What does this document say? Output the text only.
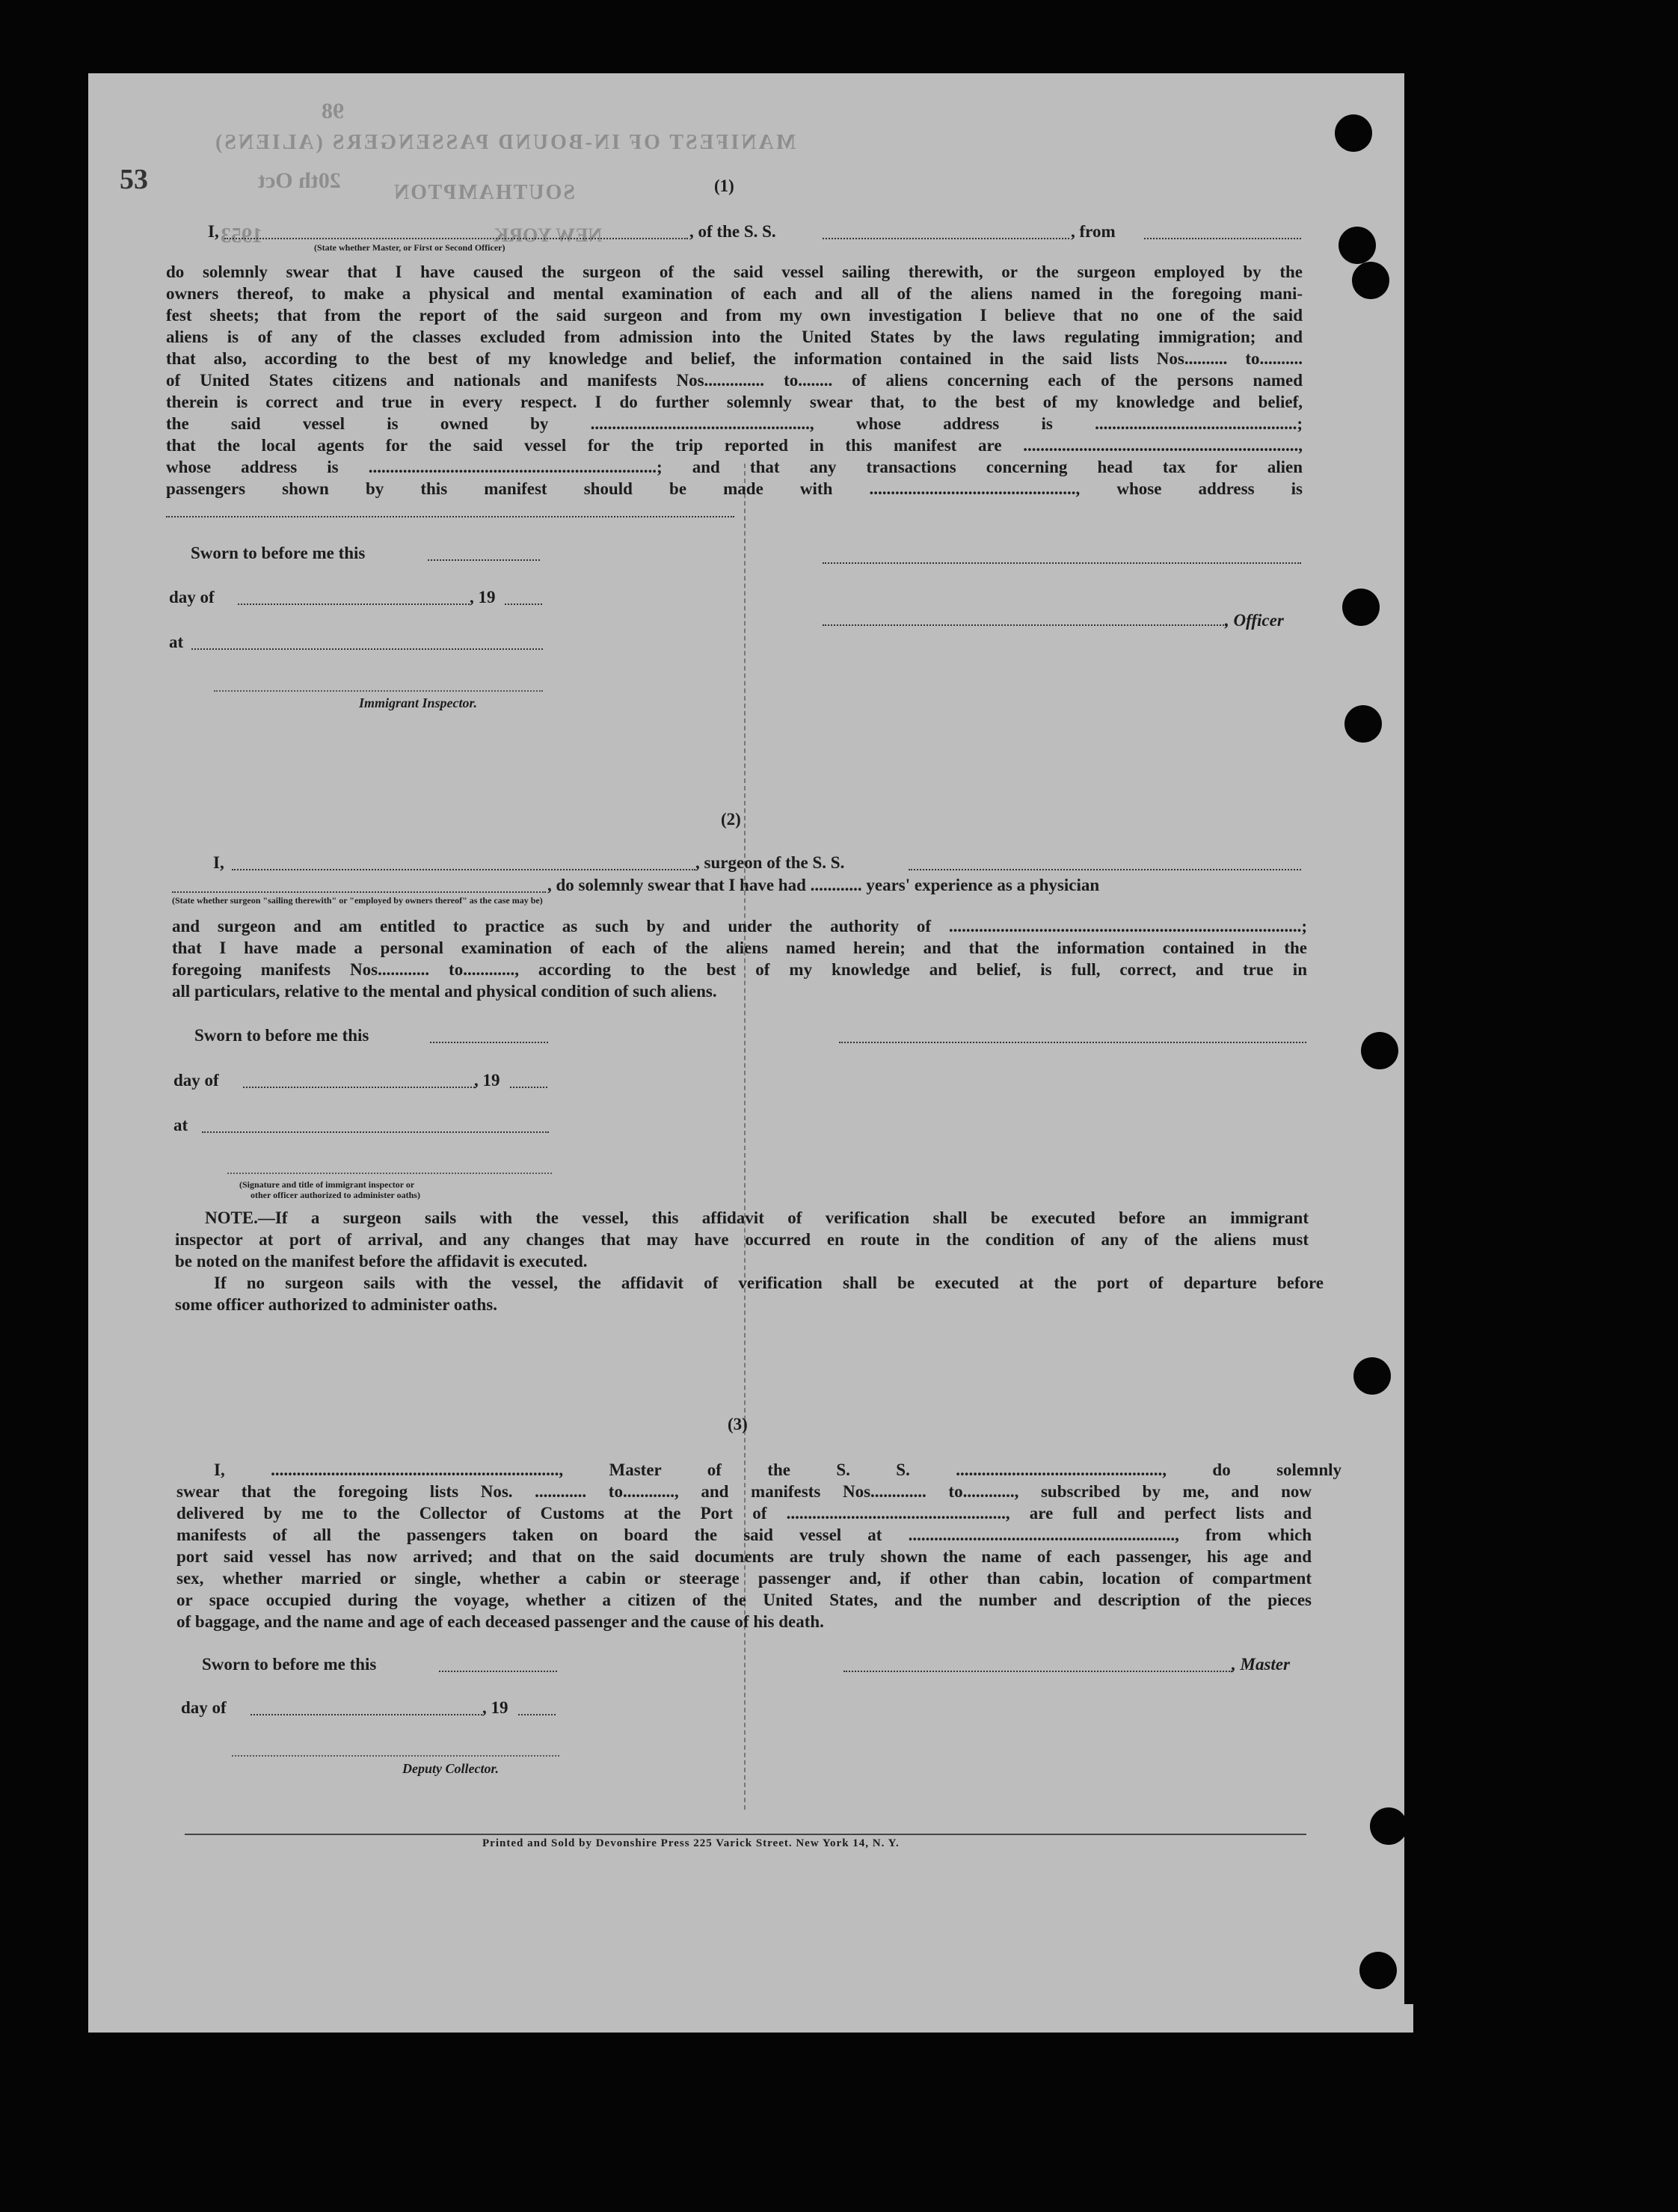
98
MANIFEST OF IN-BOUND PASSENGERS (ALIENS)
20th Oct SOUTHAMPTON
1953	NEW YORK
53	(1)
I,	, of the S. S.	, from
(State whether Master, or First or Second Officer)
do solemnly swear that I have caused the surgeon of the said vessel sailing therewith, or the surgeon employed by the
owners thereof, to make a physical and mental examination of each and all of the aliens named in the foregoing mani-
fest sheets; that from the report of the said surgeon and from my own investigation I believe that no one of the said
aliens is of any of the classes excluded from admission into the United States by the laws regulating immigration; and
that also, according to the best of my knowledge and belief, the information contained in the said lists Nos.......... to..........
of United States citizens and nationals and manifests Nos.............. to........ of aliens concerning each of the persons named
therein is correct and true in every respect. I do further solemnly swear that, to the best of my knowledge and belief,
the said vessel is owned by ..................................................., whose address is ...............................................;
that the local agents for the said vessel for the trip reported in this manifest are ................................................................,
whose address is ...................................................................; and that any transactions concerning head tax for alien
passengers shown by this manifest should be made with ................................................, whose address is
Sworn to before me this
day of	, 19
, Officer
at
Immigrant Inspector.
(2)
I,	, surgeon of the S. S.
, do solemnly swear that I have had ............ years' experience as a physician
(State whether surgeon "sailing therewith" or "employed by owners thereof" as the case may be)
and surgeon and am entitled to practice as such by and under the authority of ..................................................................................;
that I have made a personal examination of each of the aliens named herein; and that the information contained in the
foregoing manifests Nos............ to............, according to the best of my knowledge and belief, is full, correct, and true in
all particulars, relative to the mental and physical condition of such aliens.
Sworn to before me this
day of	, 19
at
(Signature and title of immigrant inspector or
other officer authorized to administer oaths)
NOTE.—If a surgeon sails with the vessel, this affidavit of verification shall be executed before an immigrant
inspector at port of arrival, and any changes that may have occurred en route in the condition of any of the aliens must
be noted on the manifest before the affidavit is executed.
If no surgeon sails with the vessel, the affidavit of verification shall be executed at the port of departure before
some officer authorized to administer oaths.
(3)
I, ..................................................................., Master of the S. S. ................................................, do solemnly
swear that the foregoing lists Nos. ............ to............, and manifests Nos............. to............, subscribed by me, and now
delivered by me to the Collector of Customs at the Port of ..................................................., are full and perfect lists and
manifests of all the passengers taken on board the said vessel at .............................................................., from which
port said vessel has now arrived; and that on the said documents are truly shown the name of each passenger, his age and
sex, whether married or single, whether a cabin or steerage passenger and, if other than cabin, location of compartment
or space occupied during the voyage, whether a citizen of the United States, and the number and description of the pieces
of baggage, and the name and age of each deceased passenger and the cause of his death.
Sworn to before me this	, Master
day of	, 19
Deputy Collector.
Printed and Sold by Devonshire Press 225 Varick Street. New York 14, N. Y.
